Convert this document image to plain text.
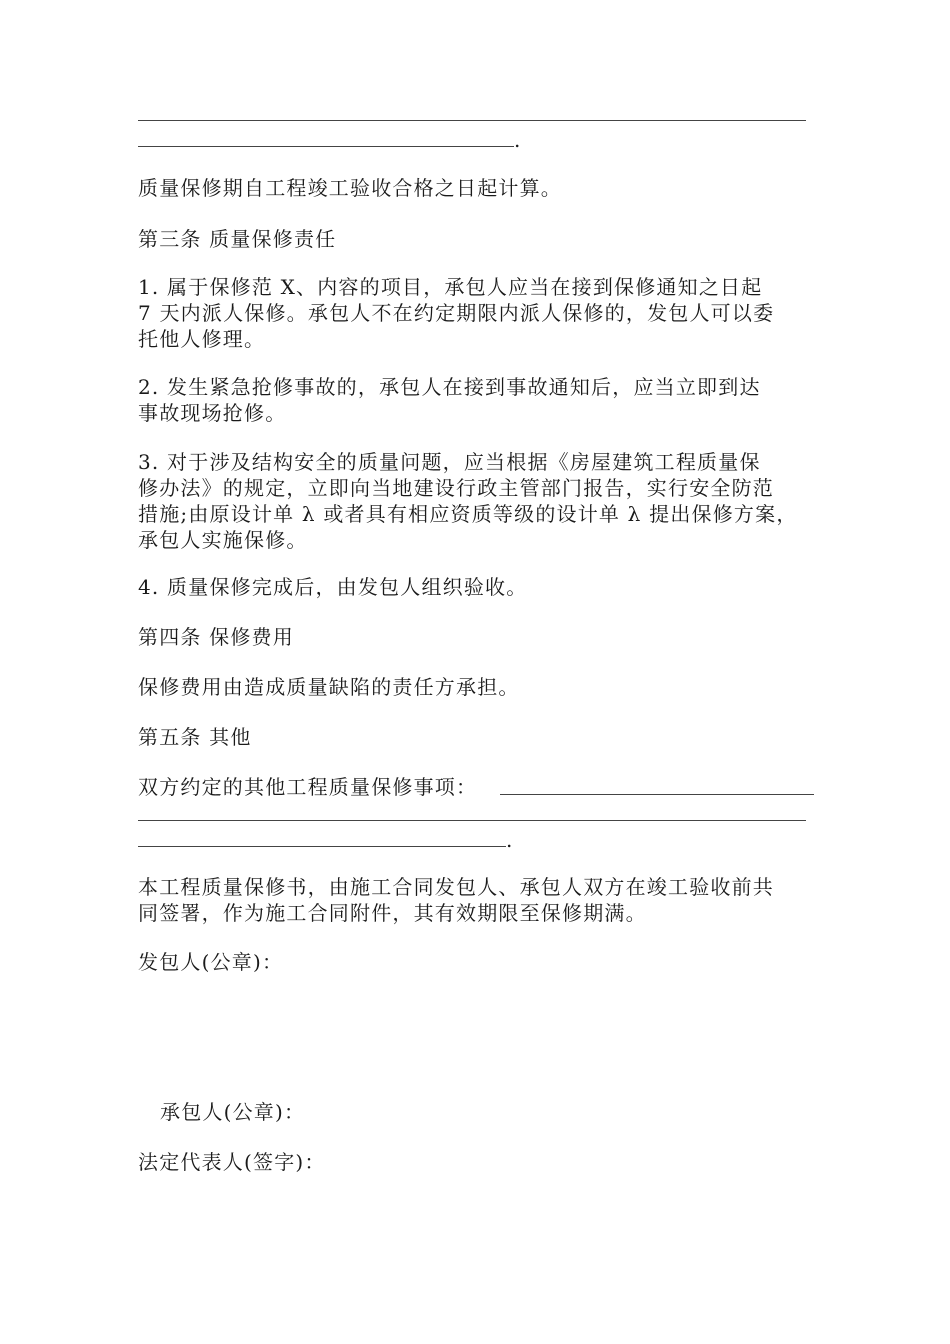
.
质量保修期自工程竣工验收合格之日起计算。
第三条 质量保修责任
1. 属于保修范 X、内容的项目，承包人应当在接到保修通知之日起
7 天内派人保修。承包人不在约定期限内派人保修的，发包人可以委
托他人修理。
2. 发生紧急抢修事故的，承包人在接到事故通知后，应当立即到达
事故现场抢修。
3. 对于涉及结构安全的质量问题，应当根据《房屋建筑工程质量保
修办法》的规定，立即向当地建设行政主管部门报告，实行安全防范
措施;由原设计单 λ 或者具有相应资质等级的设计单 λ 提出保修方案，
承包人实施保修。
4. 质量保修完成后，由发包人组织验收。
第四条 保修费用
保修费用由造成质量缺陷的责任方承担。
第五条 其他
双方约定的其他工程质量保修事项：
.
本工程质量保修书，由施工合同发包人、承包人双方在竣工验收前共
同签署，作为施工合同附件，其有效期限至保修期满。
发包人(公章)：
承包人(公章)：
法定代表人(签字)：
